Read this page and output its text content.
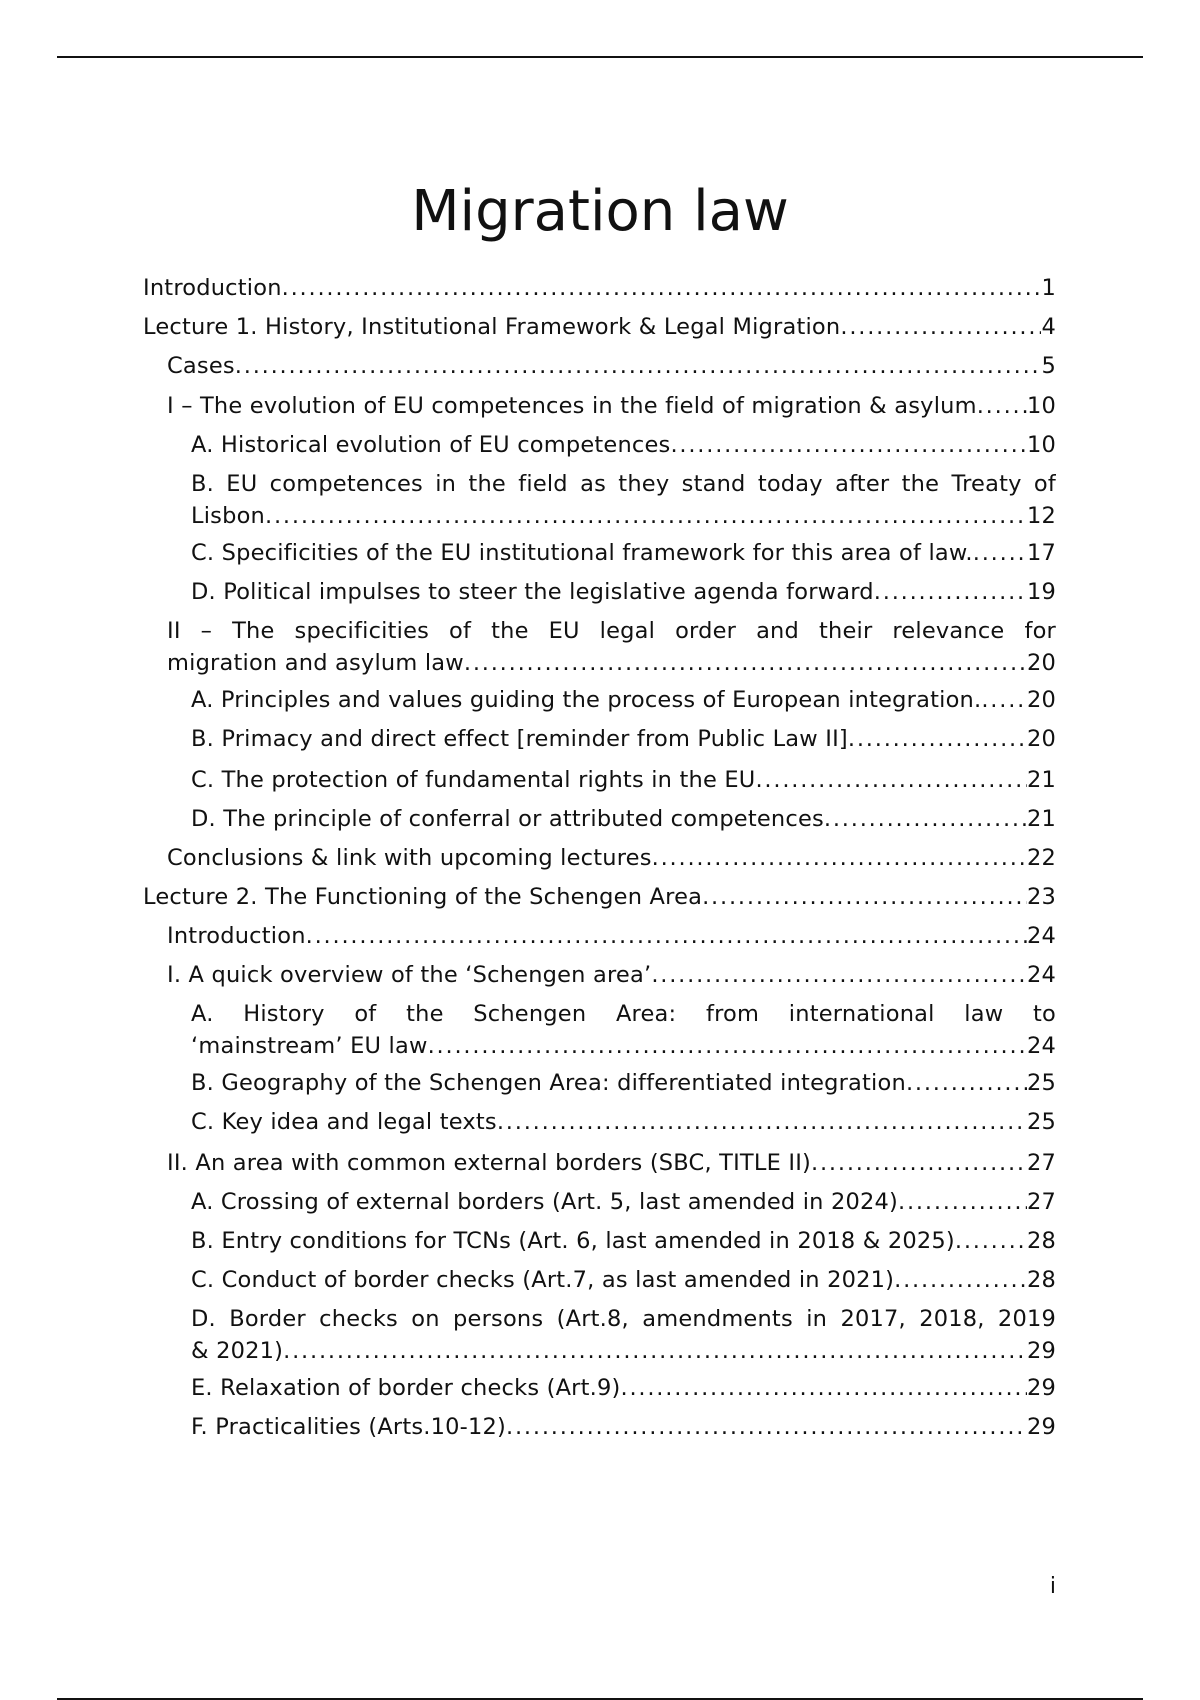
Migration law
Introduction .....	1
Lecture 1. History, Institutional Framework & Legal Migration .....	4
Cases .....	5
I – The evolution of EU competences in the field of migration & asylum ..... 10
A. Historical evolution of EU competences .....	10
B. EU competences in the field as they stand today after the Treaty of
Lisbon .....	12
C. Specificities of the EU institutional framework for this area of law. ..... 17
D. Political impulses to steer the legislative agenda forward .....	19
II – The specificities of the EU legal order and their relevance for
migration and asylum law .....	20
A. Principles and values guiding the process of European integration. ..... 20
B. Primacy and direct effect [reminder from Public Law II] .....	20
C. The protection of fundamental rights in the EU .....	21
D. The principle of conferral or attributed competences .....	21
Conclusions & link with upcoming lectures .....	22
Lecture 2. The Functioning of the Schengen Area .....	23
Introduction .....	24
I. A quick overview of the ‘Schengen area’ .....	24
A. History of the Schengen Area: from international law to
‘mainstream’ EU law .....	24
B. Geography of the Schengen Area: differentiated integration .....	25
C. Key idea and legal texts .....	25
II. An area with common external borders (SBC, TITLE II) .....	27
A. Crossing of external borders (Art. 5, last amended in 2024) .....	27
B. Entry conditions for TCNs (Art. 6, last amended in 2018 & 2025) .....	28
C. Conduct of border checks (Art.7, as last amended in 2021) .....	28
D. Border checks on persons (Art.8, amendments in 2017, 2018, 2019
& 2021) .....	29
E. Relaxation of border checks (Art.9) .....	29
F. Practicalities (Arts.10-12) .....	29
i
